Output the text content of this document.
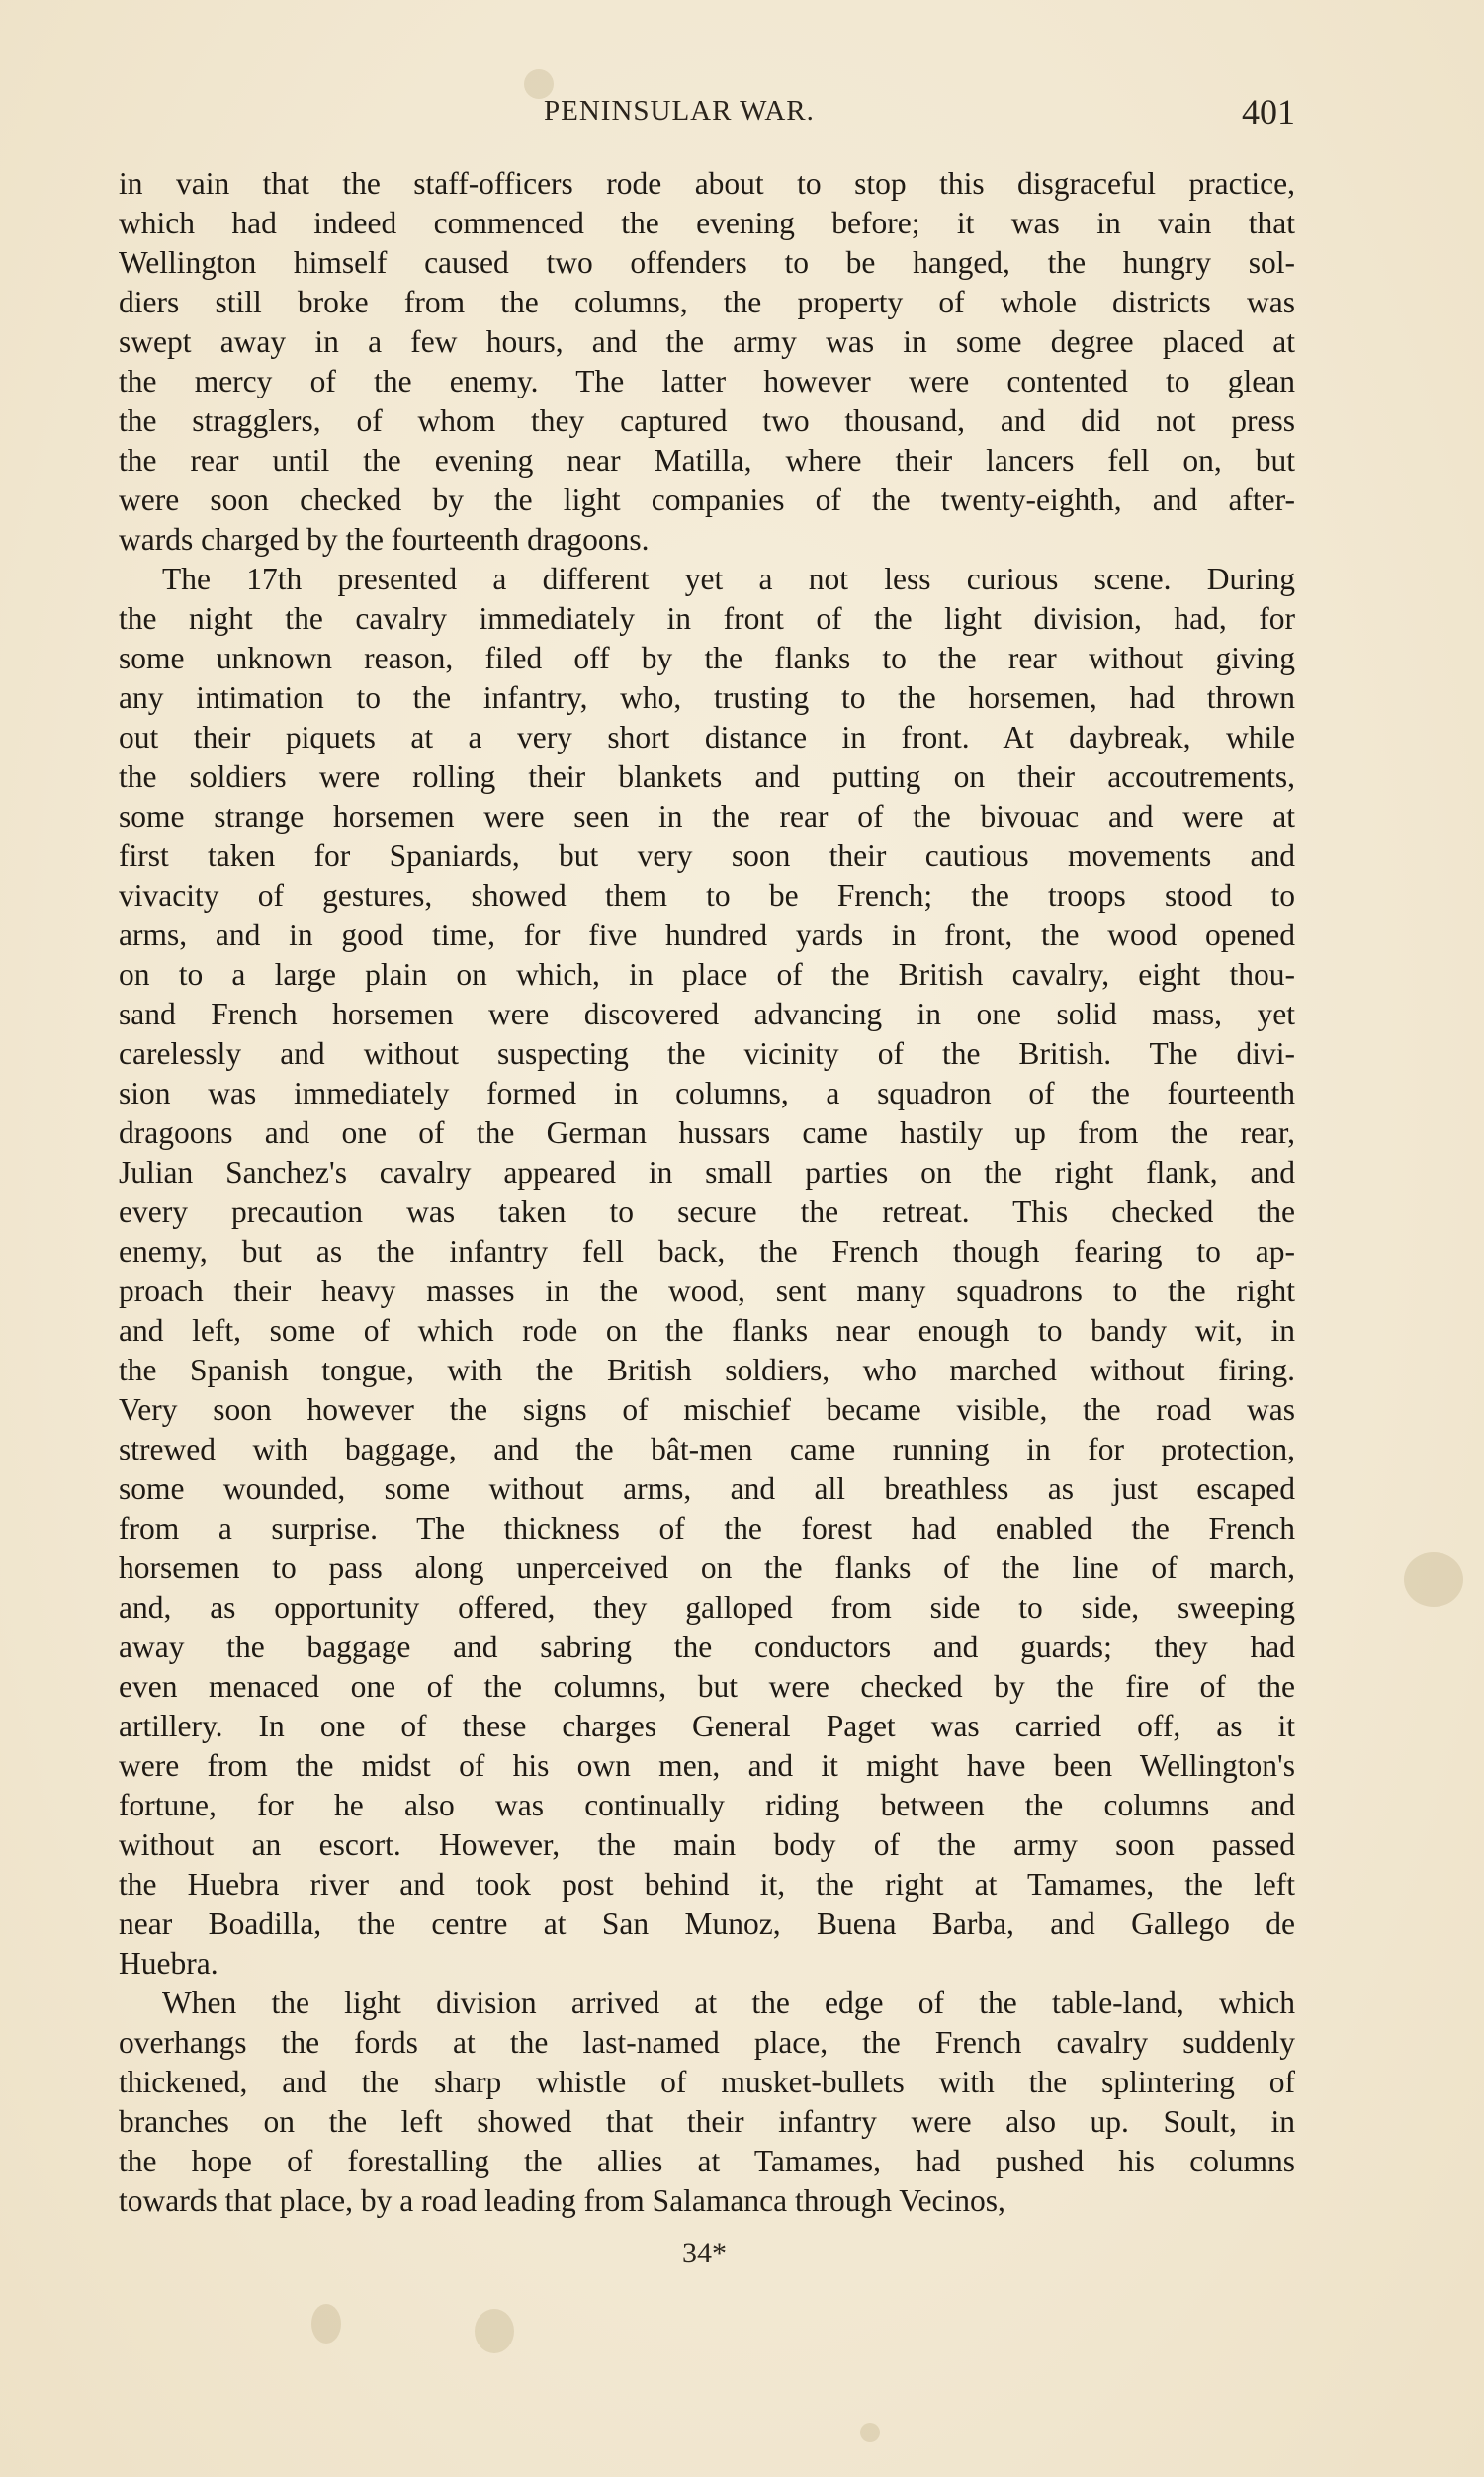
PENINSULAR WAR.	401
in vain that the staff-officers rode about to stop this disgraceful practice,
which had indeed commenced the evening before; it was in vain that
Wellington himself caused two offenders to be hanged, the hungry sol-
diers still broke from the columns, the property of whole districts was
swept away in a few hours, and the army was in some degree placed at
the mercy of the enemy. The latter however were contented to glean
the stragglers, of whom they captured two thousand, and did not press
the rear until the evening near Matilla, where their lancers fell on, but
were soon checked by the light companies of the twenty-eighth, and after-
wards charged by the fourteenth dragoons.
The 17th presented a different yet a not less curious scene. During
the night the cavalry immediately in front of the light division, had, for
some unknown reason, filed off by the flanks to the rear without giving
any intimation to the infantry, who, trusting to the horsemen, had thrown
out their piquets at a very short distance in front. At daybreak, while
the soldiers were rolling their blankets and putting on their accoutrements,
some strange horsemen were seen in the rear of the bivouac and were at
first taken for Spaniards, but very soon their cautious movements and
vivacity of gestures, showed them to be French; the troops stood to
arms, and in good time, for five hundred yards in front, the wood opened
on to a large plain on which, in place of the British cavalry, eight thou-
sand French horsemen were discovered advancing in one solid mass, yet
carelessly and without suspecting the vicinity of the British. The divi-
sion was immediately formed in columns, a squadron of the fourteenth
dragoons and one of the German hussars came hastily up from the rear,
Julian Sanchez's cavalry appeared in small parties on the right flank, and
every precaution was taken to secure the retreat. This checked the
enemy, but as the infantry fell back, the French though fearing to ap-
proach their heavy masses in the wood, sent many squadrons to the right
and left, some of which rode on the flanks near enough to bandy wit, in
the Spanish tongue, with the British soldiers, who marched without firing.
Very soon however the signs of mischief became visible, the road was
strewed with baggage, and the bât-men came running in for protection,
some wounded, some without arms, and all breathless as just escaped
from a surprise. The thickness of the forest had enabled the French
horsemen to pass along unperceived on the flanks of the line of march,
and, as opportunity offered, they galloped from side to side, sweeping
away the baggage and sabring the conductors and guards; they had
even menaced one of the columns, but were checked by the fire of the
artillery. In one of these charges General Paget was carried off, as it
were from the midst of his own men, and it might have been Wellington's
fortune, for he also was continually riding between the columns and
without an escort. However, the main body of the army soon passed
the Huebra river and took post behind it, the right at Tamames, the left
near Boadilla, the centre at San Munoz, Buena Barba, and Gallego de
Huebra.
When the light division arrived at the edge of the table-land, which
overhangs the fords at the last-named place, the French cavalry suddenly
thickened, and the sharp whistle of musket-bullets with the splintering of
branches on the left showed that their infantry were also up. Soult, in
the hope of forestalling the allies at Tamames, had pushed his columns
towards that place, by a road leading from Salamanca through Vecinos,
34*
